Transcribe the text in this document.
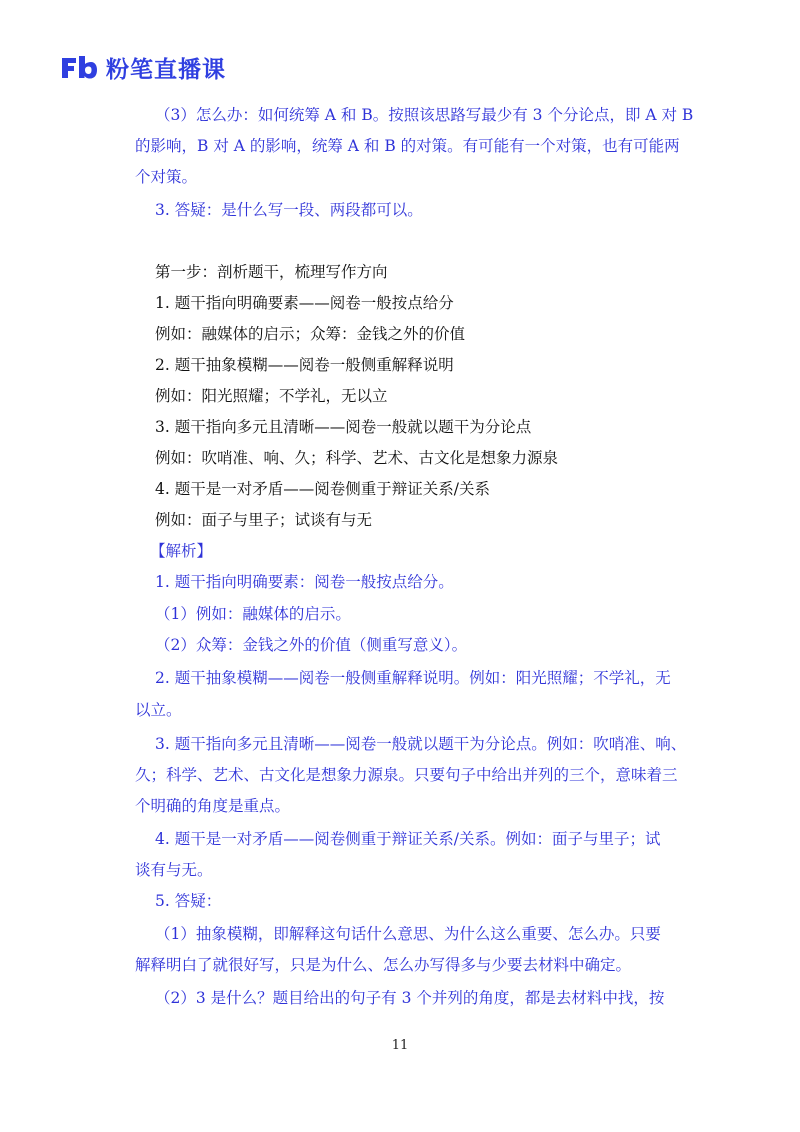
粉笔直播课
（3）怎么办：如何统筹 A 和 B。按照该思路写最少有 3 个分论点，即 A 对 B
的影响，B 对 A 的影响，统筹 A 和 B 的对策。有可能有一个对策，也有可能两
个对策。
3. 答疑：是什么写一段、两段都可以。
第一步：剖析题干，梳理写作方向
1. 题干指向明确要素——阅卷一般按点给分
例如：融媒体的启示；众筹：金钱之外的价值
2. 题干抽象模糊——阅卷一般侧重解释说明
例如：阳光照耀；不学礼，无以立
3. 题干指向多元且清晰——阅卷一般就以题干为分论点
例如：吹哨准、响、久；科学、艺术、古文化是想象力源泉
4. 题干是一对矛盾——阅卷侧重于辩证关系/关系
例如：面子与里子；试谈有与无
【解析】
1. 题干指向明确要素：阅卷一般按点给分。
（1）例如：融媒体的启示。
（2）众筹：金钱之外的价值（侧重写意义）。
2. 题干抽象模糊——阅卷一般侧重解释说明。例如：阳光照耀；不学礼，无
以立。
3. 题干指向多元且清晰——阅卷一般就以题干为分论点。例如：吹哨准、响、
久；科学、艺术、古文化是想象力源泉。只要句子中给出并列的三个，意味着三
个明确的角度是重点。
4. 题干是一对矛盾——阅卷侧重于辩证关系/关系。例如：面子与里子；试
谈有与无。
5. 答疑：
（1）抽象模糊，即解释这句话什么意思、为什么这么重要、怎么办。只要
解释明白了就很好写，只是为什么、怎么办写得多与少要去材料中确定。
（2）3 是什么？题目给出的句子有 3 个并列的角度，都是去材料中找，按
11
